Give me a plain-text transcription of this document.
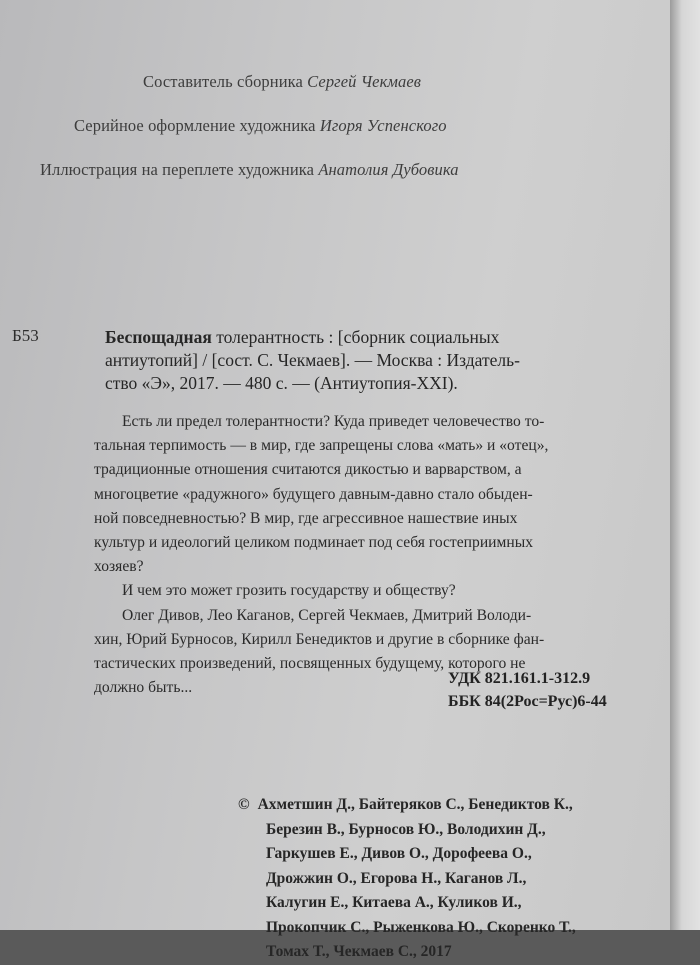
Составитель сборника Сергей Чекмаев
Серийное оформление художника Игоря Успенского
Иллюстрация на переплете художника Анатолия Дубовика
Б53	Беспощадная толерантность : [сборник социальных
антиутопий] / [сост. С. Чекмаев]. — Москва : Издатель-
ство «Э», 2017. — 480 с. — (Антиутопия-XXI).
Есть ли предел толерантности? Куда приведет человечество то-
тальная терпимость — в мир, где запрещены слова «мать» и «отец»,
традиционные отношения считаются дикостью и варварством, а
многоцветие «радужного» будущего давным-давно стало обыден-
ной повседневностью? В мир, где агрессивное нашествие иных
культур и идеологий целиком подминает под себя гостеприимных
хозяев?
И чем это может грозить государству и обществу?
Олег Дивов, Лео Каганов, Сергей Чекмаев, Дмитрий Володи-
хин, Юрий Бурносов, Кирилл Бенедиктов и другие в сборнике фан-
тастических произведений, посвященных будущему, которого не
должно быть...
УДК 821.161.1-312.9
ББК 84(2Рос=Рус)6-44
© Ахметшин Д., Байтеряков С., Бенедиктов К.,
Березин В., Бурносов Ю., Володихин Д.,
Гаркушев Е., Дивов О., Дорофеева О.,
Дрожжин О., Егорова Н., Каганов Л.,
Калугин Е., Китаева А., Куликов И.,
Прокопчик С., Рыженкова Ю., Скоренко Т.,
Томах Т., Чекмаев С., 2017
